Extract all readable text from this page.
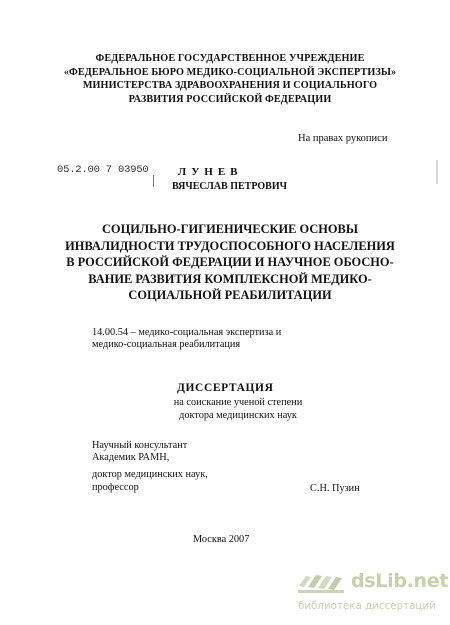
ФЕДЕРАЛЬНОЕ ГОСУДАРСТВЕННОЕ УЧРЕЖДЕНИЕ
«ФЕДЕРАЛЬНОЕ БЮРО МЕДИКО-СОЦИАЛЬНОЙ ЭКСПЕРТИЗЫ»
МИНИСТЕРСТВА ЗДРАВООХРАНЕНИЯ И СОЦИАЛЬНОГО
РАЗВИТИЯ РОССИЙСКОЙ ФЕДЕРАЦИИ
На правах рукописи
05.2.00 7 03950	ЛУНЕВ
ВЯЧЕСЛАВ ПЕТРОВИЧ
СОЦИЛЬНО-ГИГИЕНИЧЕСКИЕ ОСНОВЫ
ИНВАЛИДНОСТИ ТРУДОСПОСОБНОГО НАСЕЛЕНИЯ
В РОССИЙСКОЙ ФЕДЕРАЦИИ И НАУЧНОЕ ОБОСНО-
ВАНИЕ РАЗВИТИЯ КОМПЛЕКСНОЙ МЕДИКО-
СОЦИАЛЬНОЙ РЕАБИЛИТАЦИИ
14.00.54 – медико-социальная экспертиза и
медико-социальная реабилитация
ДИССЕРТАЦИЯ
на соискание ученой степени
доктора медицинских наук
Научный консультант
Академик РАМН,
доктор медицинских наук,
профессор	С.Н. Пузин
Москва 2007
dsLib.net
библиотека диссертаций
